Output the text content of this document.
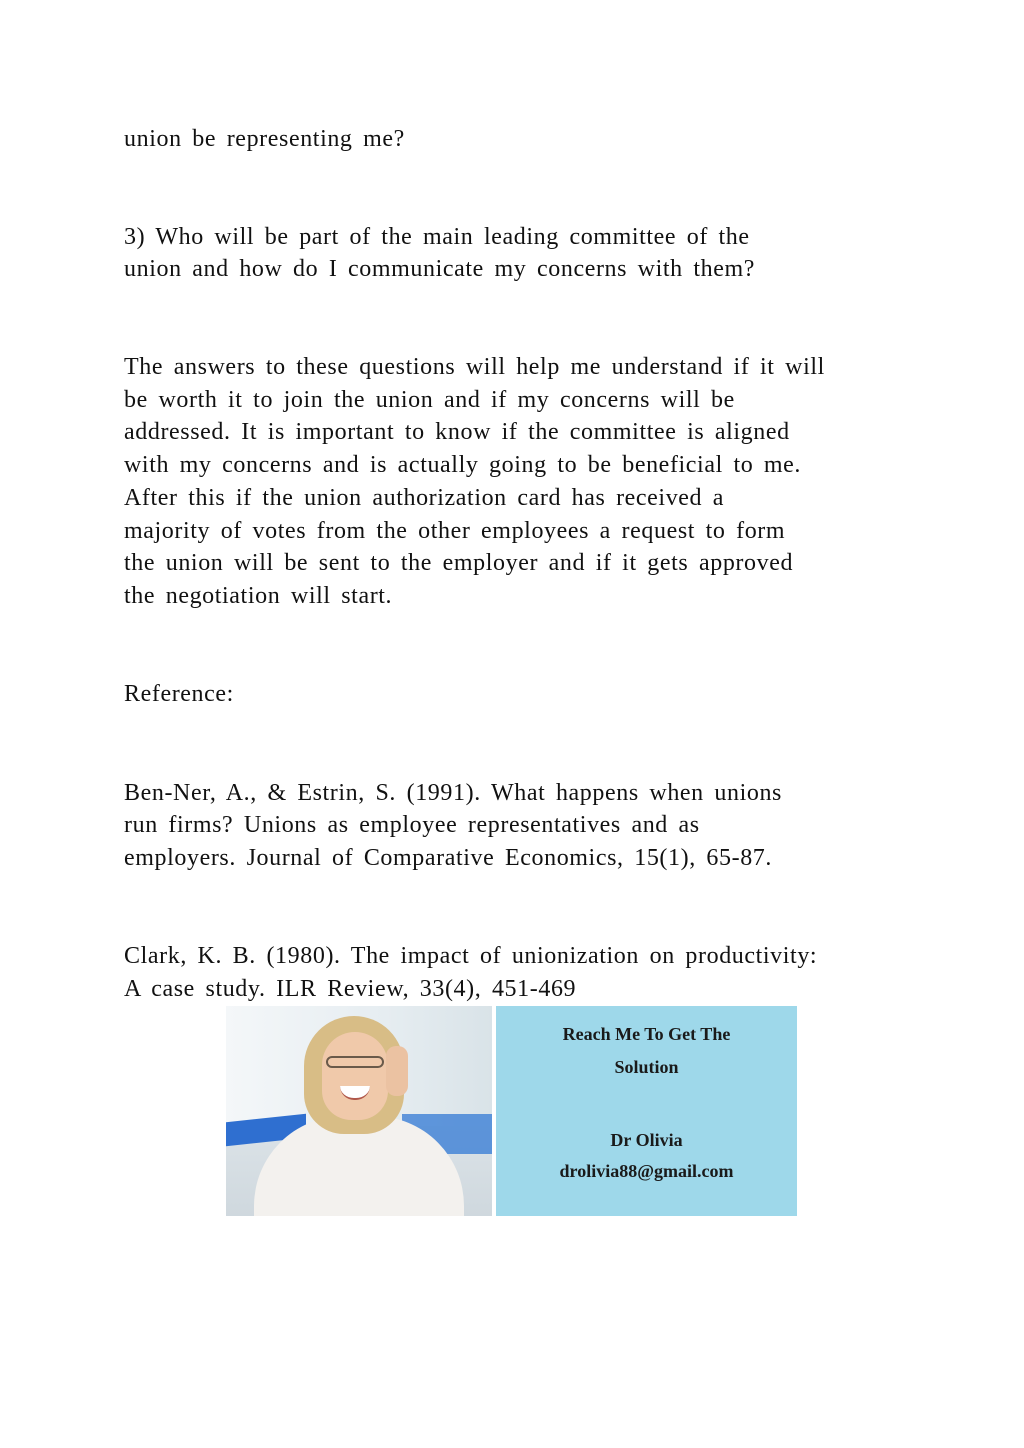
union be representing me?
3) Who will be part of the main leading committee of the
union and how do I communicate my concerns with them?
The answers to these questions will help me understand if it will
be worth it to join the union and if my concerns will be
addressed. It is important to know if the committee is aligned
with my concerns and is actually going to be beneficial to me.
After this if the union authorization card has received a
majority of votes from the other employees a request to form
the union will be sent to the employer and if it gets approved
the negotiation will start.
Reference:
Ben-Ner, A., & Estrin, S. (1991). What happens when unions
run firms? Unions as employee representatives and as
employers. Journal of Comparative Economics, 15(1), 65-87.
Clark, K. B. (1980). The impact of unionization on productivity:
A case study. ILR Review, 33(4), 451-469
Reach Me To Get The
Solution
Dr Olivia
drolivia88@gmail.com
